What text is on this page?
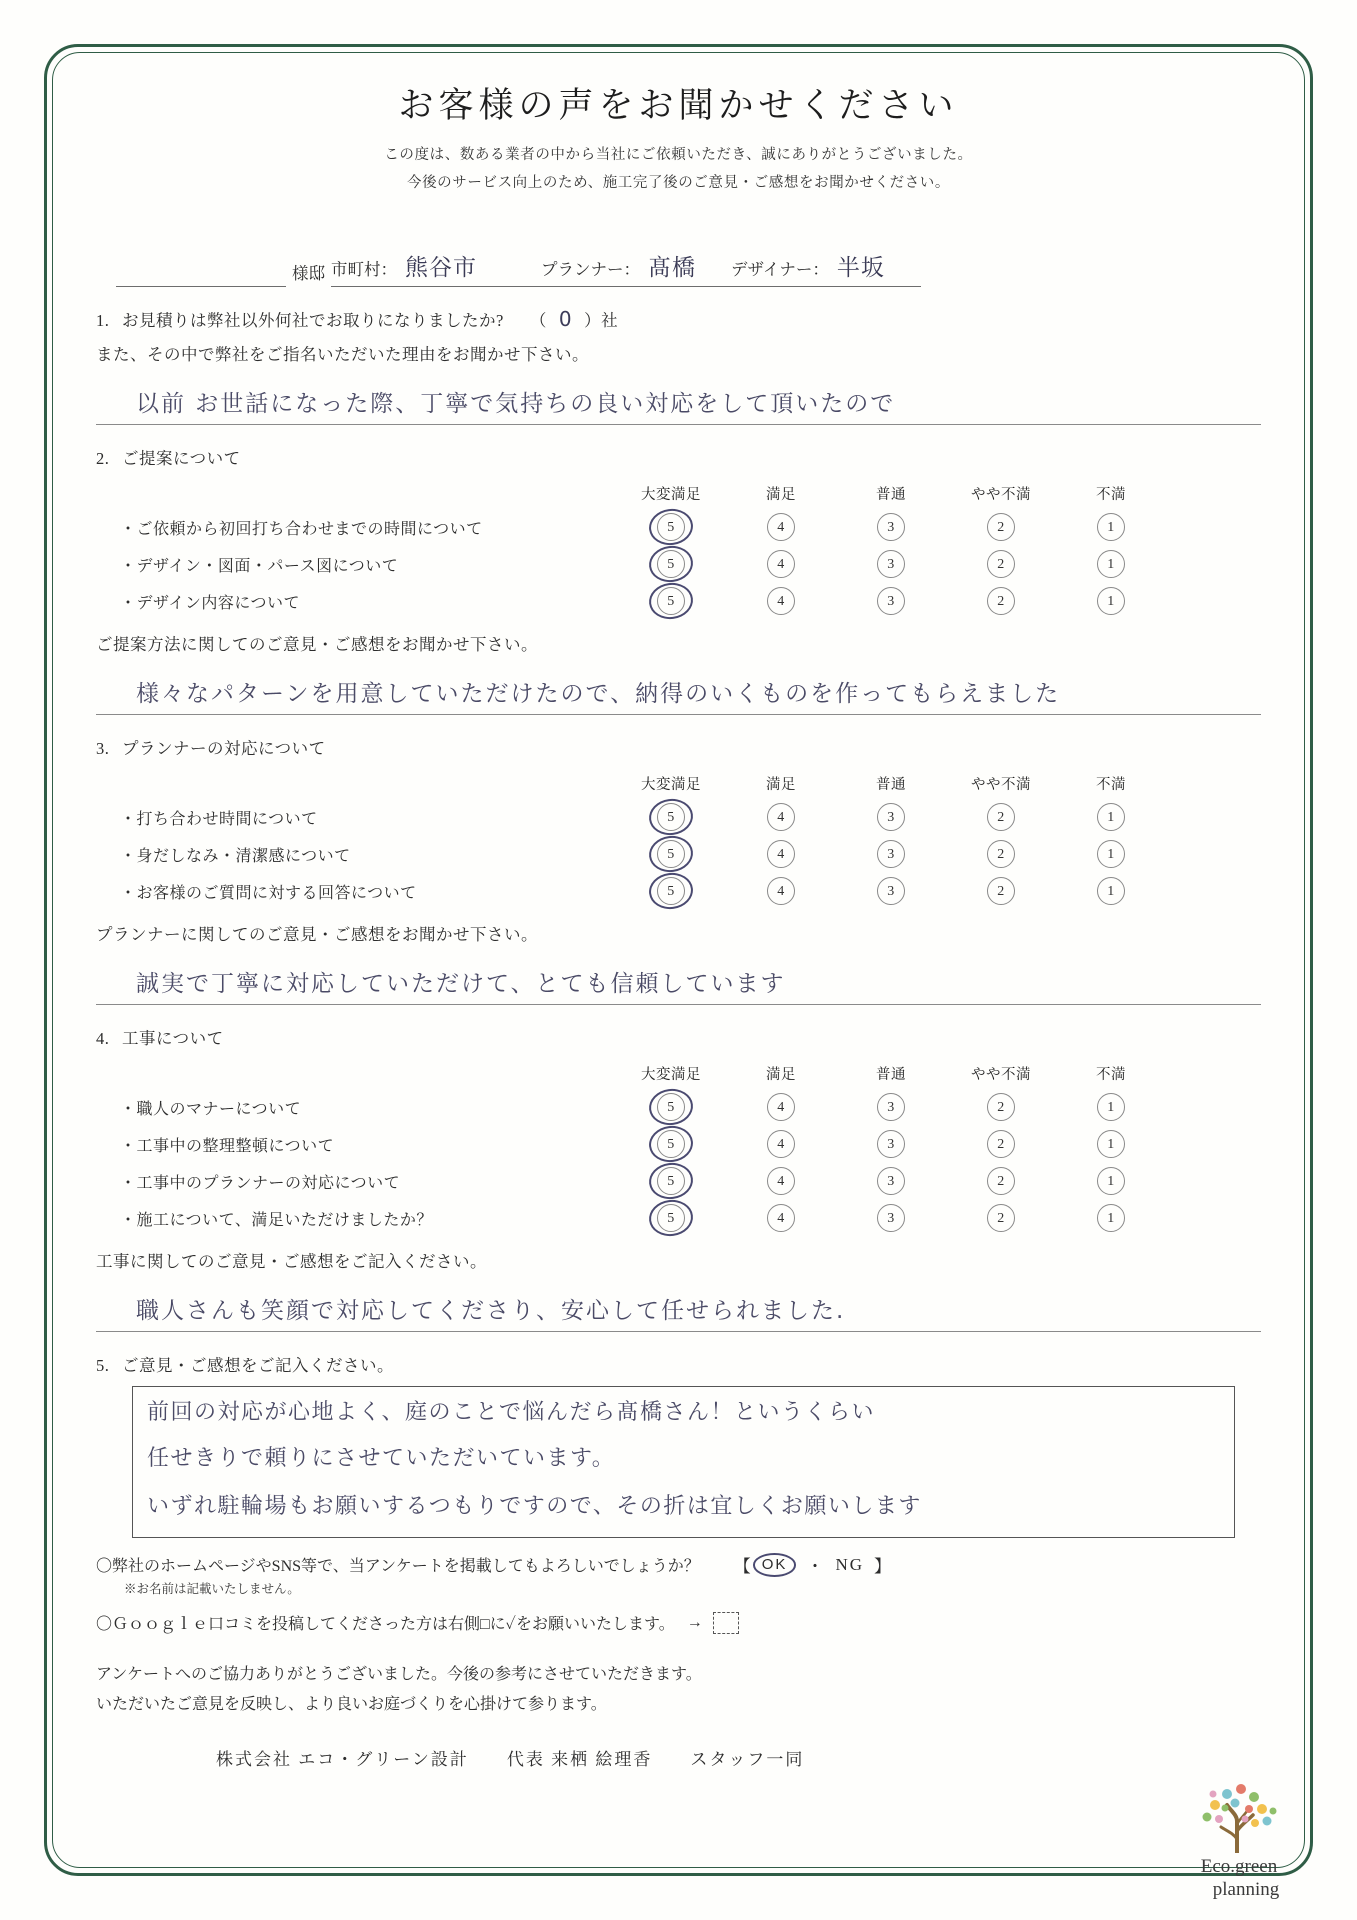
お客様の声をお聞かせください
この度は、数ある業者の中から当社にご依頼いただき、誠にありがとうございました。
今後のサービス向上のため、施工完了後のご意見・ご感想をお聞かせください。
様邸 市町村： 熊谷市	プランナー： 髙橋 デザイナー： 半坂
1. お見積りは弊社以外何社でお取りになりましたか? （ 0 ）社
また、その中で弊社をご指名いただいた理由をお聞かせ下さい。
以前 お世話になった際、丁寧で気持ちの良い対応をして頂いたので
2. ご提案について
大変満足	満足	普通	やや不満	不満
・ご依頼から初回打ち合わせまでの時間について	5	4	3	2	1
・デザイン・図面・パース図について	5	4	3	2	1
・デザイン内容について	5	4	3	2	1
ご提案方法に関してのご意見・ご感想をお聞かせ下さい。
様々なパターンを用意していただけたので、納得のいくものを作ってもらえました
3. プランナーの対応について
大変満足	満足	普通	やや不満	不満
・打ち合わせ時間について	5	4	3	2	1
・身だしなみ・清潔感について	5	4	3	2	1
・お客様のご質問に対する回答について	5	4	3	2	1
プランナーに関してのご意見・ご感想をお聞かせ下さい。
誠実で丁寧に対応していただけて、とても信頼しています
4. 工事について
大変満足	満足	普通	やや不満	不満
・職人のマナーについて	5	4	3	2	1
・工事中の整理整頓について	5	4	3	2	1
・工事中のプランナーの対応について	5	4	3	2	1
・施工について、満足いただけましたか？	5	4	3	2	1
工事に関してのご意見・ご感想をご記入ください。
職人さんも笑顔で対応してくださり、安心して任せられました.
5. ご意見・ご感想をご記入ください。
前回の対応が心地よく、庭のことで悩んだら髙橋さん！というくらい
任せきりで頼りにさせていただいています。
いずれ駐輪場もお願いするつもりですので、その折は宜しくお願いします
〇弊社のホームページやSNS等で、当アンケートを掲載してもよろしいでしょうか？ 【 OK	・ NG 】
※お名前は記載いたしません。
〇Ｇｏｏｇｌｅ口コミを投稿してくださった方は右側□に✓をお願いいたします。 →
アンケートへのご協力ありがとうございました。今後の参考にさせていただきます。
いただいたご意見を反映し、より良いお庭づくりを心掛けて参ります。
株式会社 エコ・グリーン設計　　代表 来栖 絵理香　　スタッフ一同
Eco.green
planning
